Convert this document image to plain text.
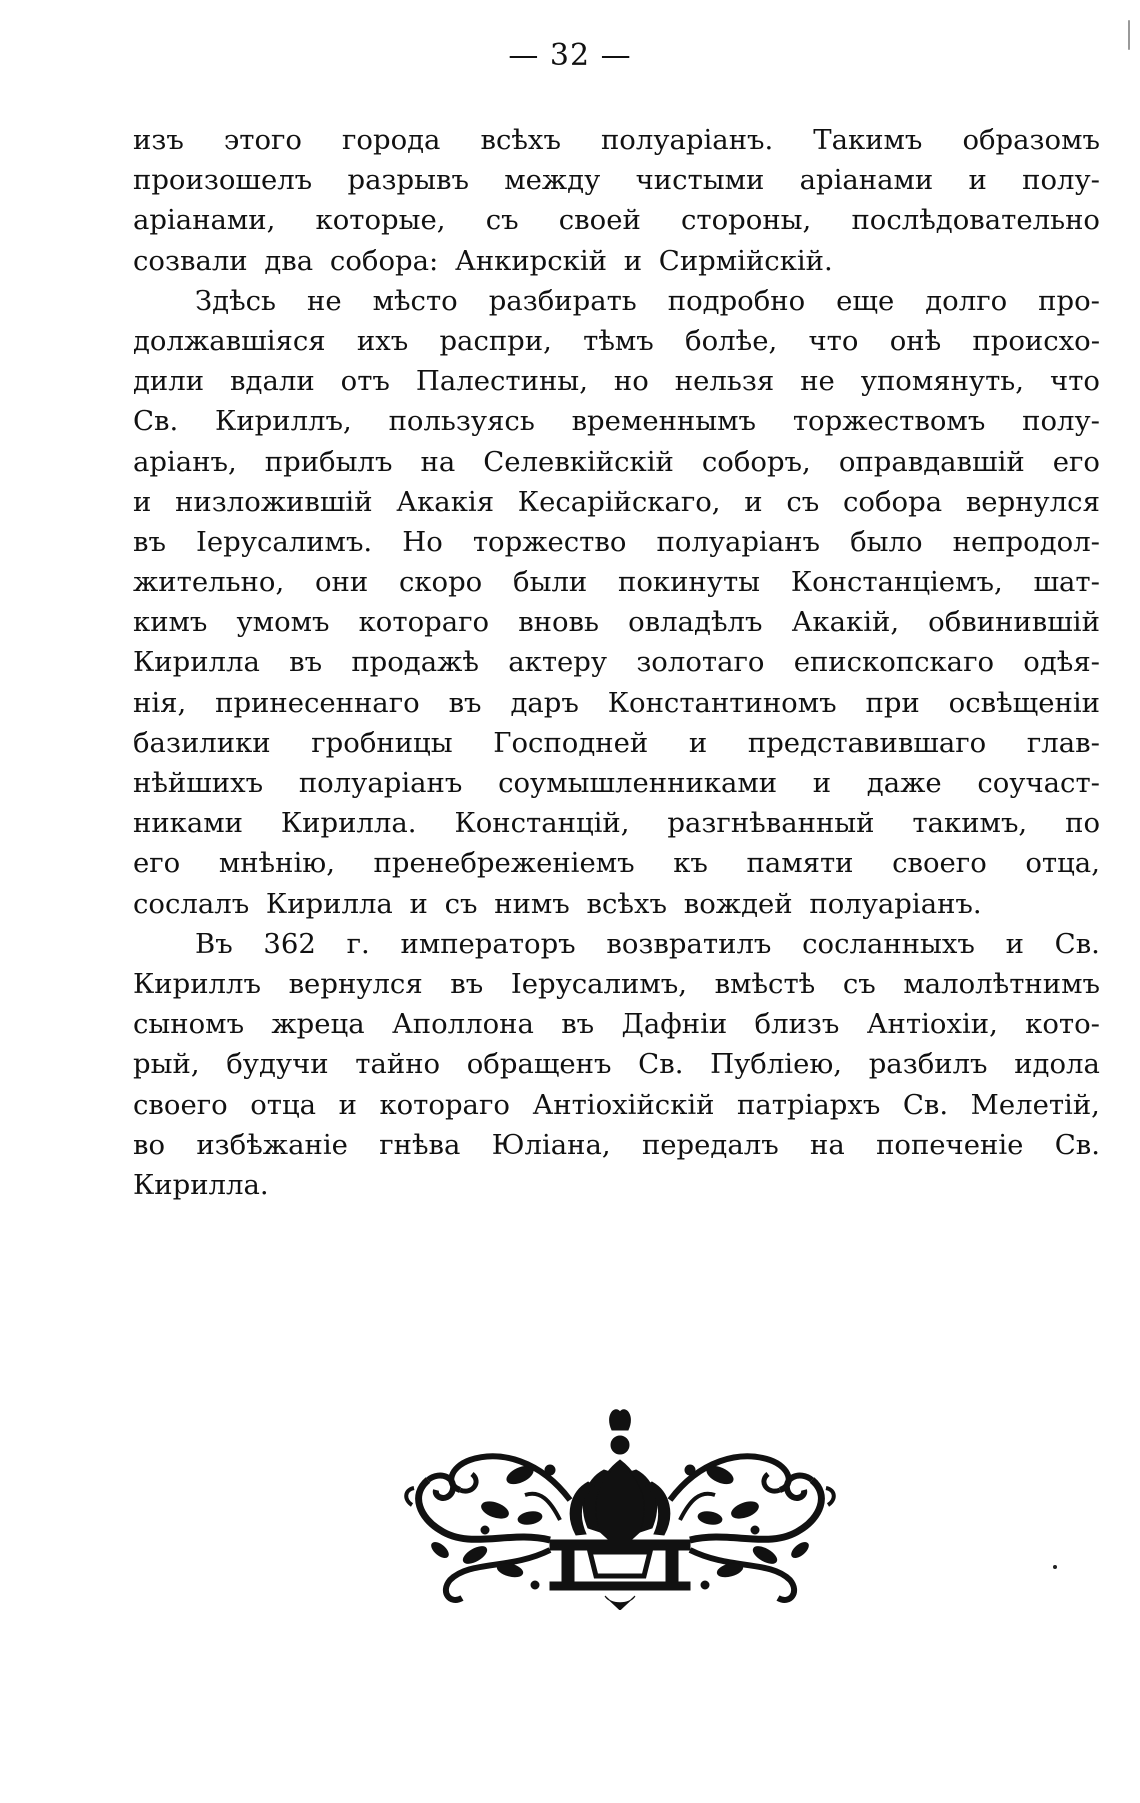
— 32 —
изъ этого города всѣхъ полуаріанъ. Такимъ образомъ
произошелъ разрывъ между чистыми аріанами и полу-
аріанами, которые, съ своей стороны, послѣдовательно
созвали два собора: Анкирскій и Сирмійскій.
Здѣсь не мѣсто разбирать подробно еще долго про-
должавшіяся ихъ распри, тѣмъ болѣе, что онѣ происхо-
дили вдали отъ Палестины, но нельзя не упомянуть, что
Св. Кириллъ, пользуясь временнымъ торжествомъ полу-
аріанъ, прибылъ на Селевкійскій соборъ, оправдавшій его
и низложившій Акакія Кесарійскаго, и съ собора вернулся
въ Іерусалимъ. Но торжество полуаріанъ было непродол-
жительно, они скоро были покинуты Констанціемъ, шат-
кимъ умомъ котораго вновь овладѣлъ Акакій, обвинившій
Кирилла въ продажѣ актеру золотаго епископскаго одѣя-
нія, принесеннаго въ даръ Константиномъ при освѣщеніи
базилики гробницы Господней и представившаго глав-
нѣйшихъ полуаріанъ соумышленниками и даже соучаст-
никами Кирилла. Констанцій, разгнѣванный такимъ, по
его мнѣнію, пренебреженіемъ къ памяти своего отца,
сослалъ Кирилла и съ нимъ всѣхъ вождей полуаріанъ.
Въ 362 г. императоръ возвратилъ сосланныхъ и Св.
Кириллъ вернулся въ Іерусалимъ, вмѣстѣ съ малолѣтнимъ
сыномъ жреца Аполлона въ Дафніи близъ Антіохіи, кото-
рый, будучи тайно обращенъ Св. Публіею, разбилъ идола
своего отца и котораго Антіохійскій патріархъ Св. Мелетій,
во избѣжаніе гнѣва Юліана, передалъ на попеченіе Св.
Кирилла.
